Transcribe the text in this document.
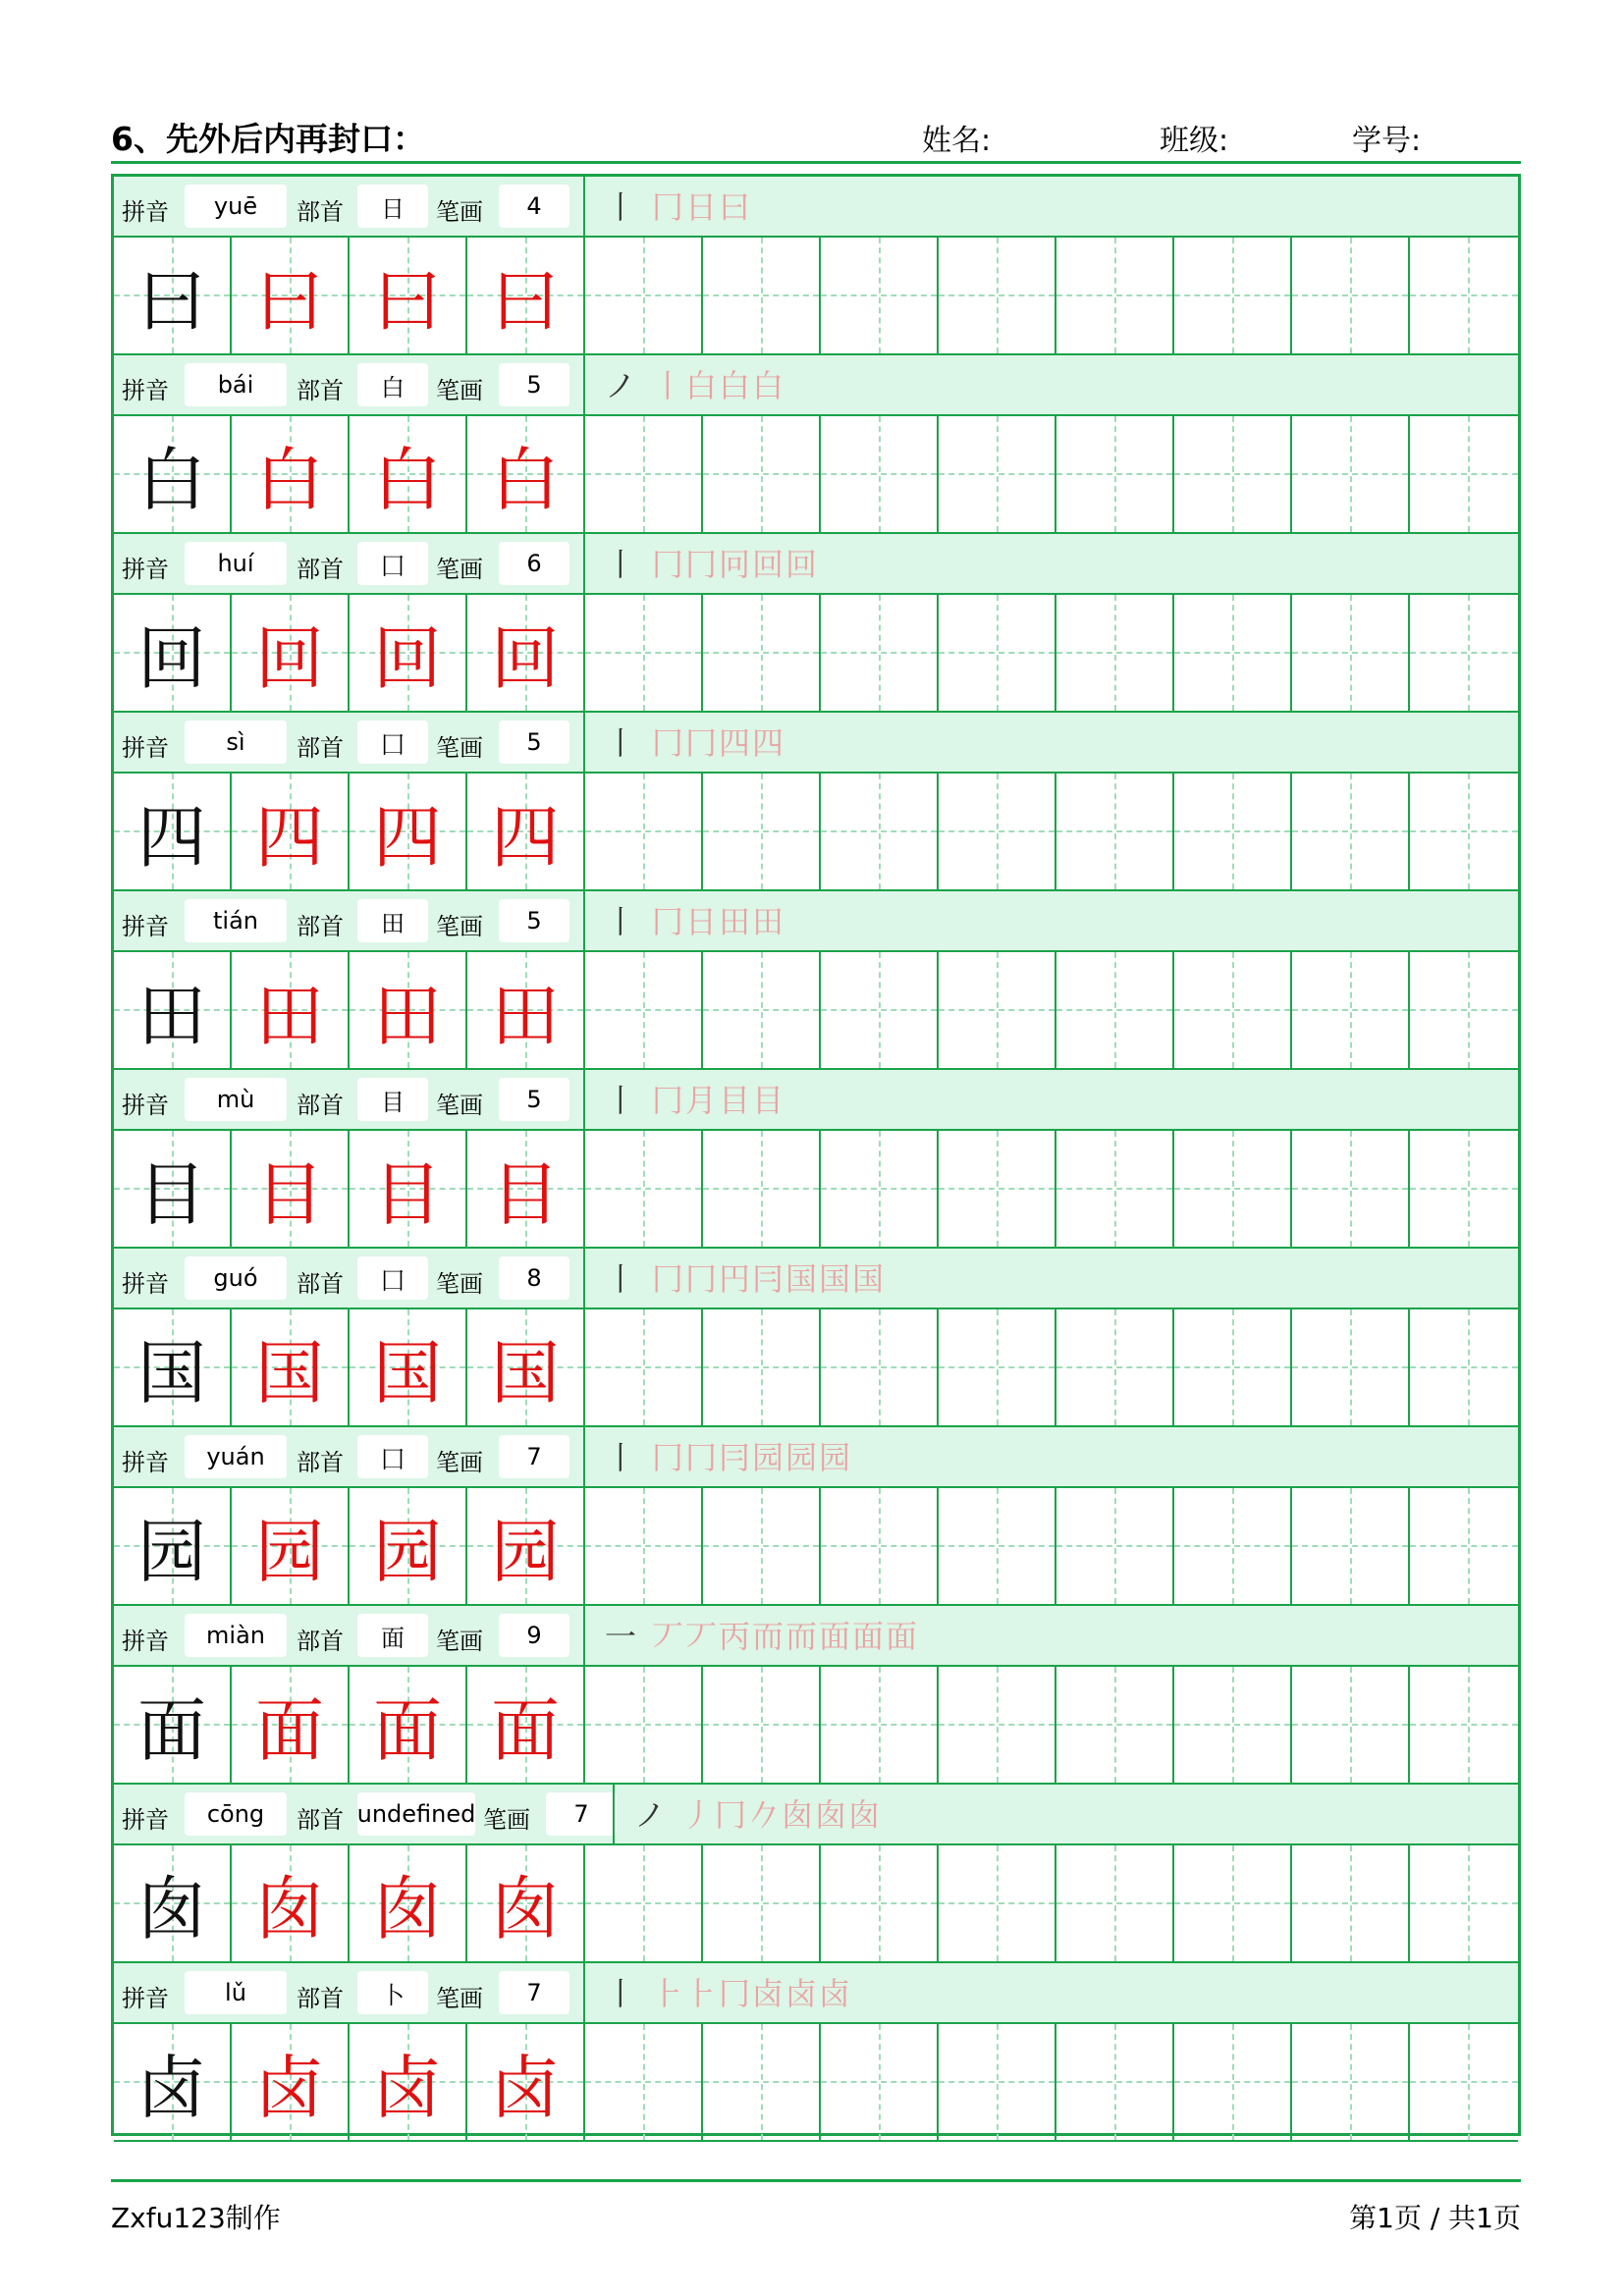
6、先外后内再封口：	姓名:	班级:	学号:
拼音	yuē	部首	日	笔画	4	丨 冂日曰
曰 曰 曰 曰
拼音	bái	部首	白	笔画	5	ノ 丨白白白
白 白 白 白
拼音	huí	部首	囗	笔画	6	丨 冂冂冋回回
回 回 回 回
拼音	sì	部首	囗	笔画	5	丨 冂冂四四
四 四 四 四
拼音	tián	部首	田	笔画	5	丨 冂日田田
田 田 田 田
拼音	mù	部首	目	笔画	5	丨 冂月目目
目 目 目 目
拼音	guó	部首	囗	笔画	8	丨 冂冂円冃国国国
国 国 国 国
拼音	yuán	部首	囗	笔画	7	丨 冂冂冃园园园
园 园 园 园
拼音	miàn	部首	面	笔画	9	一 丆丆丙而而面面面
面 面 面 面
拼音	cōng	部首 undefined 笔画	7	ノ 丿冂𠂊囱囱囱
囱 囱 囱 囱
拼音	lǔ	部首	卜	笔画	7	丨 ⺊⺊冂卤卤卤
卤 卤 卤 卤
Zxfu123制作	第1页 / 共1页
